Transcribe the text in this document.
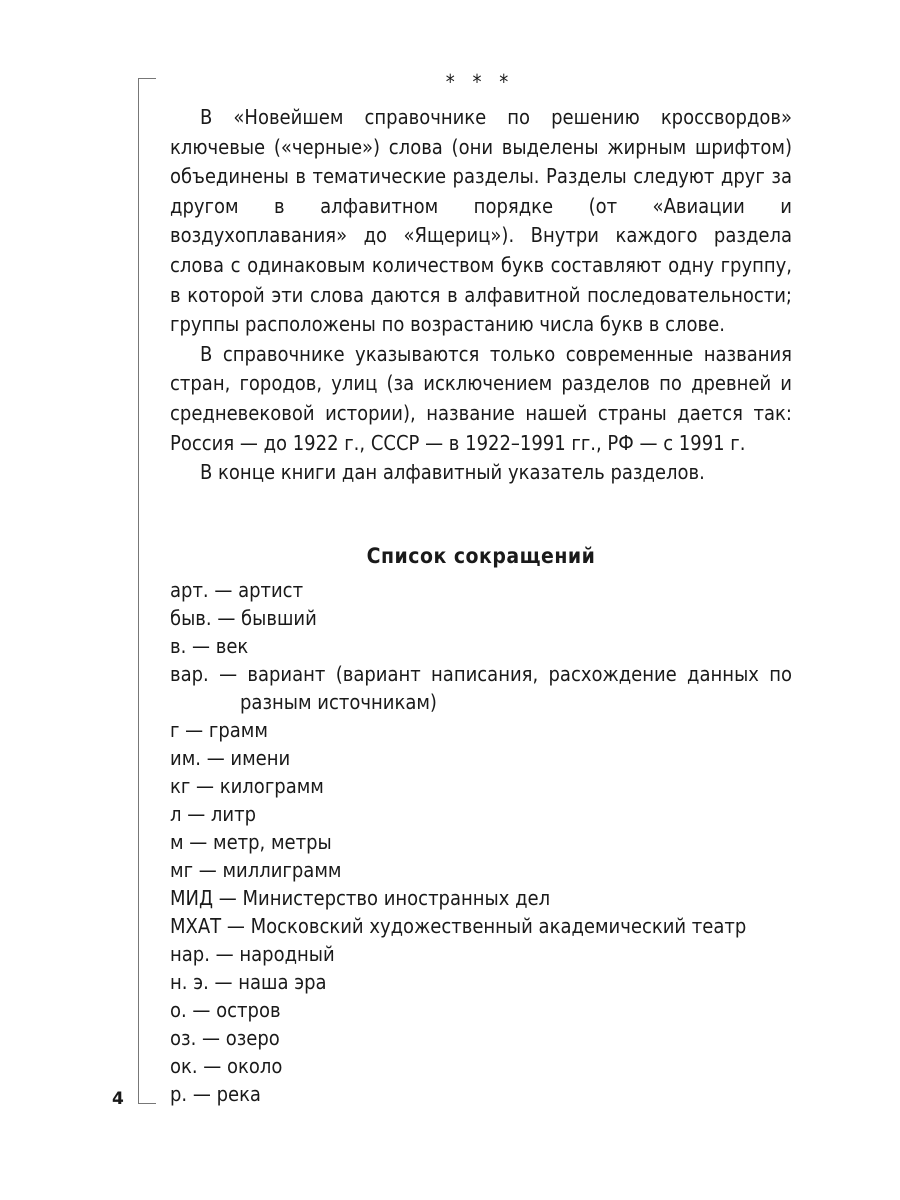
4
* * *

В «Новейшем справочнике по решению кроссвордов» ключевые («черные») слова (они выделены жирным шрифтом) объединены в тематические разделы. Разделы следуют друг за другом в алфавитном порядке (от «Авиации и воздухоплавания» до «Ящериц»). Внутри каждого раздела слова с одинаковым количеством букв составляют одну группу, в которой эти слова даются в алфавитной последовательности; группы расположены по возрастанию числа букв в слове.

В справочнике указываются только современные названия стран, городов, улиц (за исключением разделов по древней и средневековой истории), название нашей страны дается так: Россия — до 1922 г., СССР — в 1922–1991 гг., РФ — с 1991 г.

В конце книги дан алфавитный указатель разделов.

Список сокращений

арт. — артист

быв. — бывший

в. — век

вар. — вариант (вариант написания, расхождение данных по разным источникам)

г — грамм

им. — имени

кг — килограмм

л — литр

м — метр, метры

мг — миллиграмм

МИД — Министерство иностранных дел

МХАТ — Московский художественный академический театр

нар. — народный

н. э. — наша эра

о. — остров

оз. — озеро

ок. — около

р. — река
